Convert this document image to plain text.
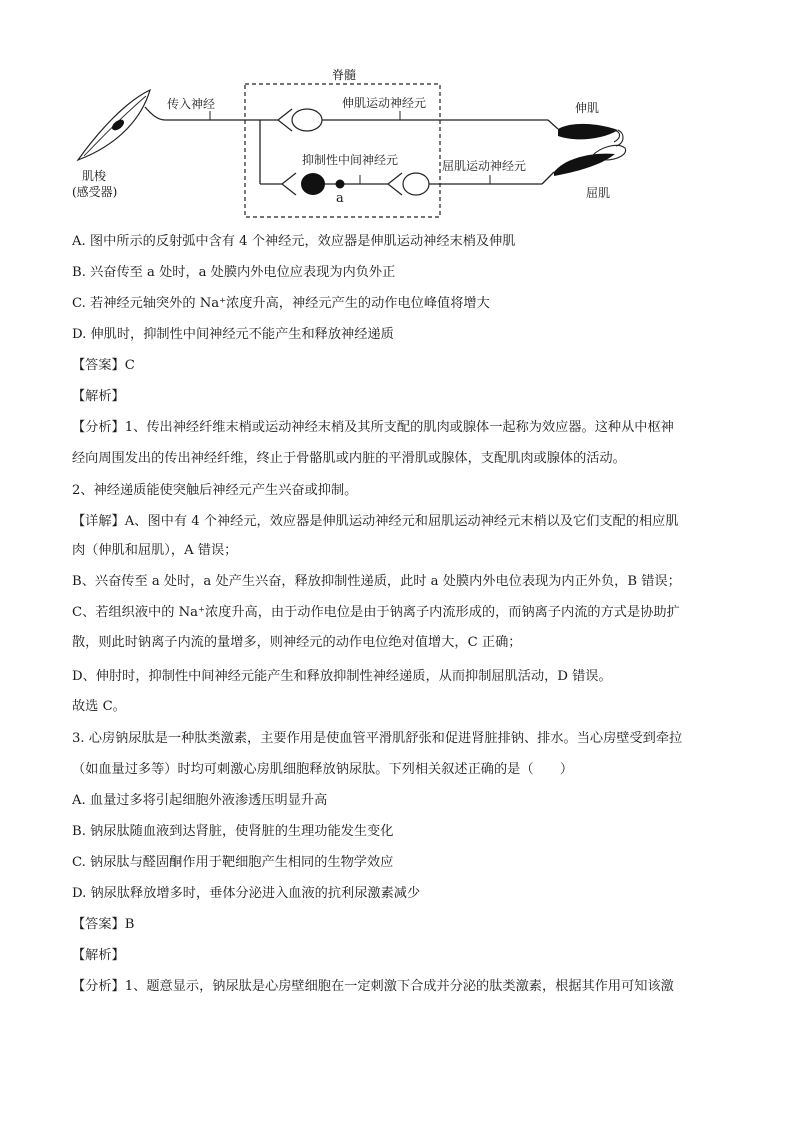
脊髓
肌梭
(感受器)
传入神经	伸肌运动神经元
抑制性中间神经元
a
屈肌运动神经元
伸肌
屈肌
A. 图中所示的反射弧中含有 4 个神经元，效应器是伸肌运动神经末梢及伸肌
B. 兴奋传至 a 处时，a 处膜内外电位应表现为内负外正
C. 若神经元轴突外的 Na⁺浓度升高，神经元产生的动作电位峰值将增大
D. 伸肌时，抑制性中间神经元不能产生和释放神经递质
【答案】C
【解析】
【分析】1、传出神经纤维末梢或运动神经末梢及其所支配的肌肉或腺体一起称为效应器。这种从中枢神
经向周围发出的传出神经纤维，终止于骨骼肌或内脏的平滑肌或腺体，支配肌肉或腺体的活动。
2、神经递质能使突触后神经元产生兴奋或抑制。
【详解】A、图中有 4 个神经元，效应器是伸肌运动神经元和屈肌运动神经元末梢以及它们支配的相应肌
肉（伸肌和屈肌），A 错误；
B、兴奋传至 a 处时，a 处产生兴奋，释放抑制性递质，此时 a 处膜内外电位表现为内正外负，B 错误；
C、若组织液中的 Na⁺浓度升高，由于动作电位是由于钠离子内流形成的，而钠离子内流的方式是协助扩
散，则此时钠离子内流的量增多，则神经元的动作电位绝对值增大，C 正确；
D、伸肘时，抑制性中间神经元能产生和释放抑制性神经递质，从而抑制屈肌活动，D 错误。
故选 C。
3. 心房钠尿肽是一种肽类激素，主要作用是使血管平滑肌舒张和促进肾脏排钠、排水。当心房壁受到牵拉
（如血量过多等）时均可刺激心房肌细胞释放钠尿肽。下列相关叙述正确的是（　　）
A. 血量过多将引起细胞外液渗透压明显升高
B. 钠尿肽随血液到达肾脏，使肾脏的生理功能发生变化
C. 钠尿肽与醛固酮作用于靶细胞产生相同的生物学效应
D. 钠尿肽释放增多时，垂体分泌进入血液的抗利尿激素减少
【答案】B
【解析】
【分析】1、题意显示，钠尿肽是心房壁细胞在一定刺激下合成并分泌的肽类激素，根据其作用可知该激
